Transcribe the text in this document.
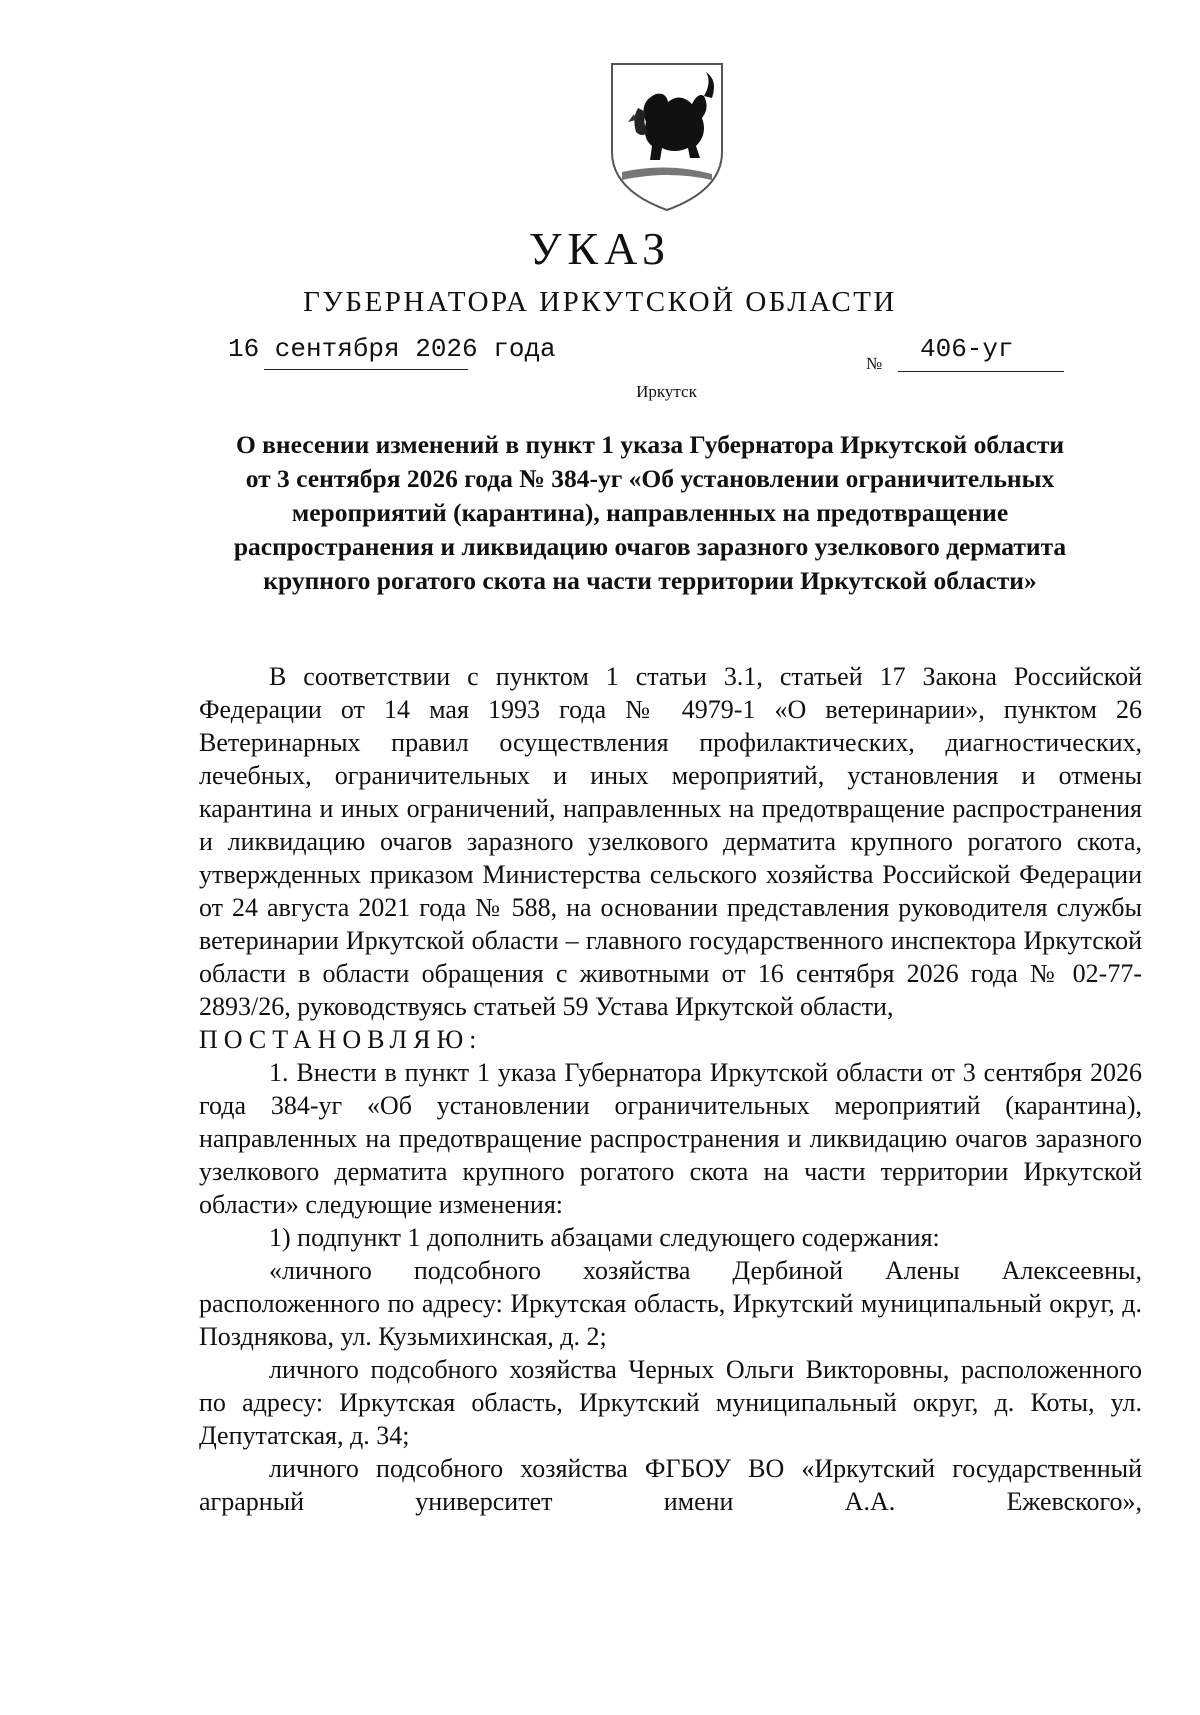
УКАЗ
ГУБЕРНАТОРА ИРКУТСКОЙ ОБЛАСТИ
16 сентября 2026 года	№ 406-уг
Иркутск
О внесении изменений в пункт 1 указа Губернатора Иркутской области
от 3 сентября 2026 года № 384-уг «Об установлении ограничительных
мероприятий (карантина), направленных на предотвращение
распространения и ликвидацию очагов заразного узелкового дерматита
крупного рогатого скота на части территории Иркутской области»

В соответствии с пунктом 1 статьи 3.1, статьей 17 Закона Российской Федерации от 14 мая 1993 года № 4979-1 «О ветеринарии», пунктом 26 Ветеринарных правил осуществления профилактических, диагностических, лечебных, ограничительных и иных мероприятий, установления и отмены карантина и иных ограничений, направленных на предотвращение распространения и ликвидацию очагов заразного узелкового дерматита крупного рогатого скота, утвержденных приказом Министерства сельского хозяйства Российской Федерации от 24 августа 2021 года № 588, на основании представления руководителя службы ветеринарии Иркутской области – главного государственного инспектора Иркутской области в области обращения с животными от 16 сентября 2026 года № 02-77-2893/26, руководствуясь статьей 59 Устава Иркутской области,

ПОСТАНОВЛЯЮ:

1. Внести в пункт 1 указа Губернатора Иркутской области от 3 сентября 2026 года 384-уг «Об установлении ограничительных мероприятий (карантина), направленных на предотвращение распространения и ликвидацию очагов заразного узелкового дерматита крупного рогатого скота на части территории Иркутской области» следующие изменения:

1) подпункт 1 дополнить абзацами следующего содержания:

«личного подсобного хозяйства Дербиной Алены Алексеевны, расположенного по адресу: Иркутская область, Иркутский муниципальный округ, д. Позднякова, ул. Кузьмихинская, д. 2;

личного подсобного хозяйства Черных Ольги Викторовны, расположенного по адресу: Иркутская область, Иркутский муниципальный округ, д. Коты, ул. Депутатская, д. 34;

личного подсобного хозяйства ФГБОУ ВО «Иркутский государственный аграрный университет имени А.А. Ежевского»,
